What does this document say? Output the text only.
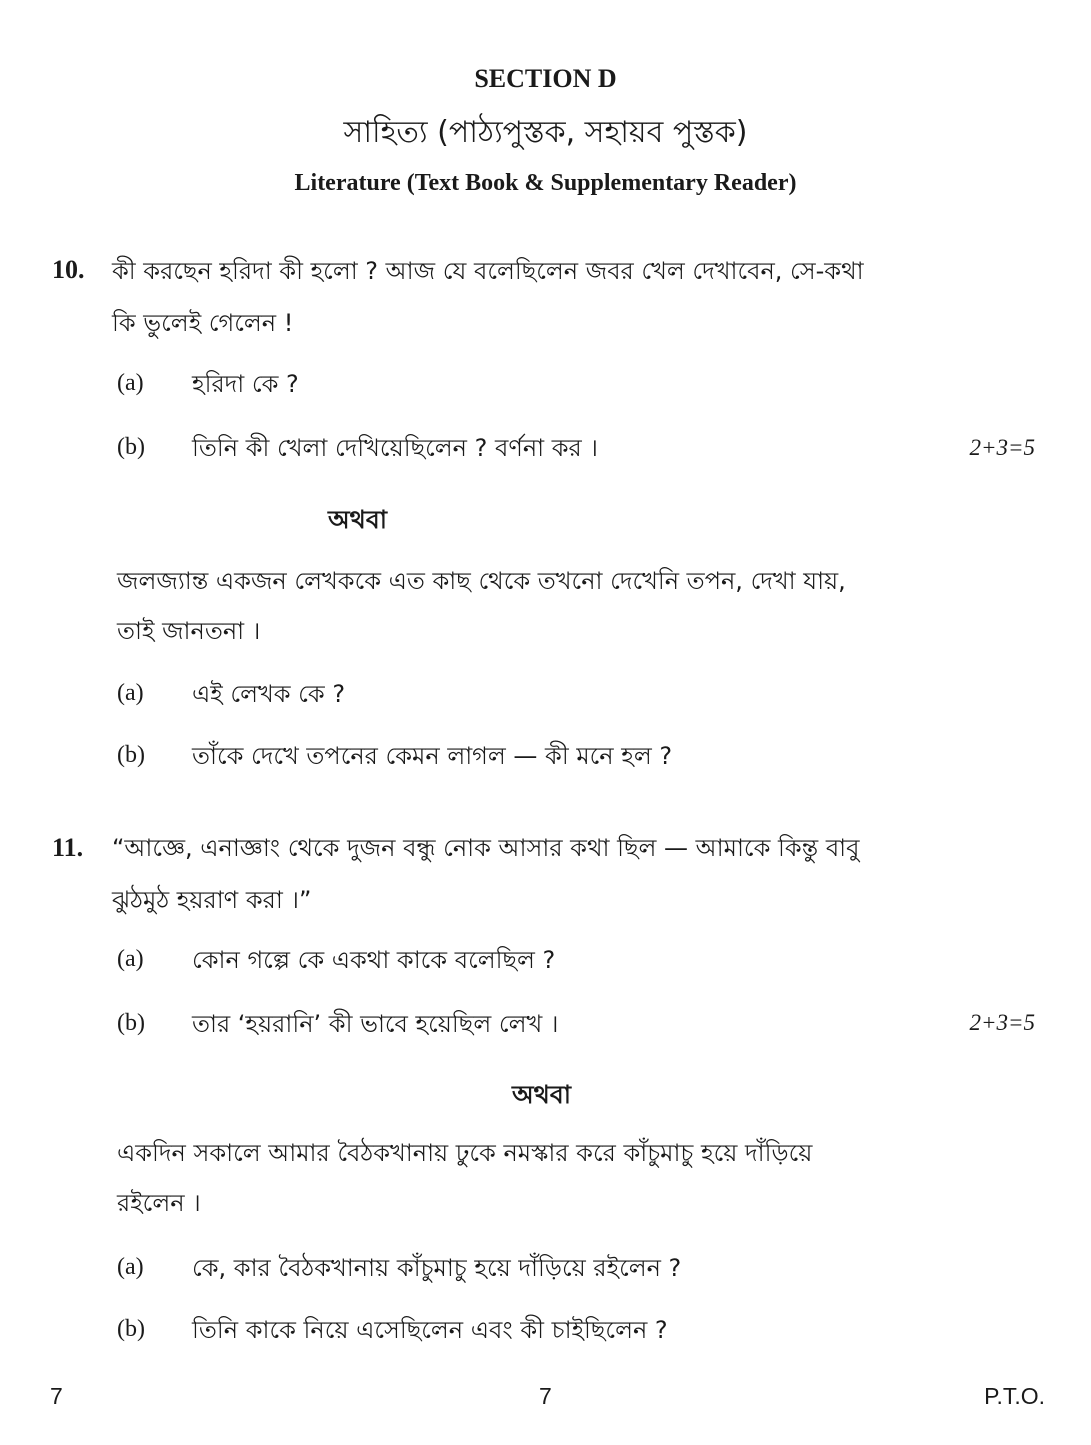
SECTION D
সাহিত্য (পাঠ্যপুস্তক, সহায়ব পুস্তক)
Literature (Text Book & Supplementary Reader)
10. কী করছেন হরিদা কী হলো ? আজ যে বলেছিলেন জবর খেল দেখাবেন, সে-কথা
কি ভুলেই গেলেন !
(a) হরিদা কে ?
(b) তিনি কী খেলা দেখিয়েছিলেন ? বর্ণনা কর ।	2+3=5
অথবা
জলজ্যান্ত একজন লেখককে এত কাছ থেকে তখনো দেখেনি তপন, দেখা যায়,
তাই জানতনা ।
(a) এই লেখক কে ?
(b) তাঁকে দেখে তপনের কেমন লাগল — কী মনে হল ?
11. “আজ্ঞে, এনাজ্ঞাং থেকে দুজন বন্ধু নোক আসার কথা ছিল — আমাকে কিন্তু বাবু
ঝুঠমুঠ হয়রাণ করা ।”
(a) কোন গল্পে কে একথা কাকে বলেছিল ?
(b) তার ‘হয়রানি’ কী ভাবে হয়েছিল লেখ ।	2+3=5
অথবা
একদিন সকালে আমার বৈঠকখানায় ঢুকে নমস্কার করে কাঁচুমাচু হয়ে দাঁড়িয়ে
রইলেন ।
(a) কে, কার বৈঠকখানায় কাঁচুমাচু হয়ে দাঁড়িয়ে রইলেন ?
(b) তিনি কাকে নিয়ে এসেছিলেন এবং কী চাইছিলেন ?
7	7	P.T.O.
